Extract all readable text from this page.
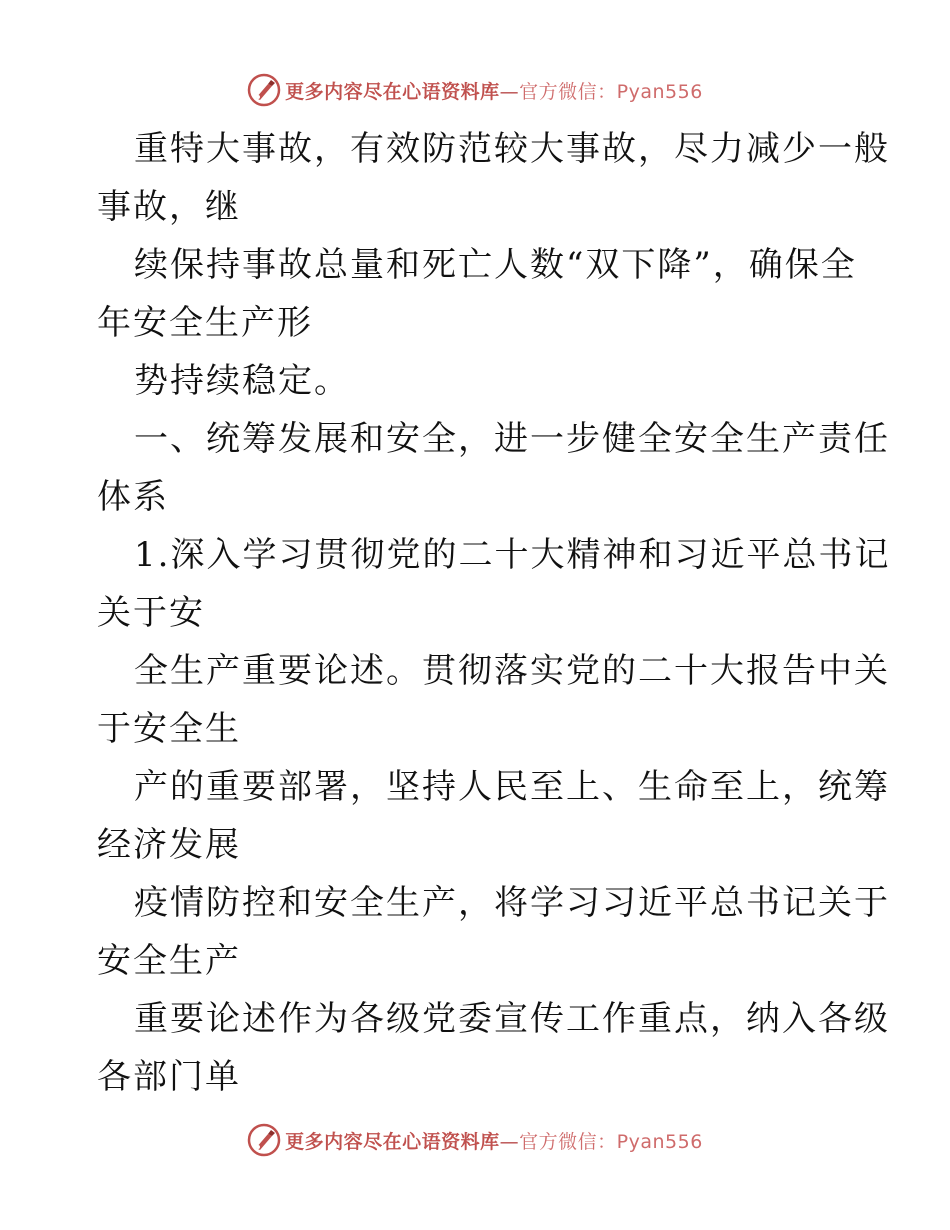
更多内容尽在心语资料库—官方微信：Pyan556
重特大事故，有效防范较大事故，尽力减少一般
事故，继
续保持事故总量和死亡人数“双下降”，确保全
年安全生产形
势持续稳定。
一、统筹发展和安全，进一步健全安全生产责任
体系
1.深入学习贯彻党的二十大精神和习近平总书记
关于安
全生产重要论述。贯彻落实党的二十大报告中关
于安全生
产的重要部署，坚持人民至上、生命至上，统筹
经济发展
疫情防控和安全生产，将学习习近平总书记关于
安全生产
重要论述作为各级党委宣传工作重点，纳入各级
各部门单
更多内容尽在心语资料库—官方微信：Pyan556
